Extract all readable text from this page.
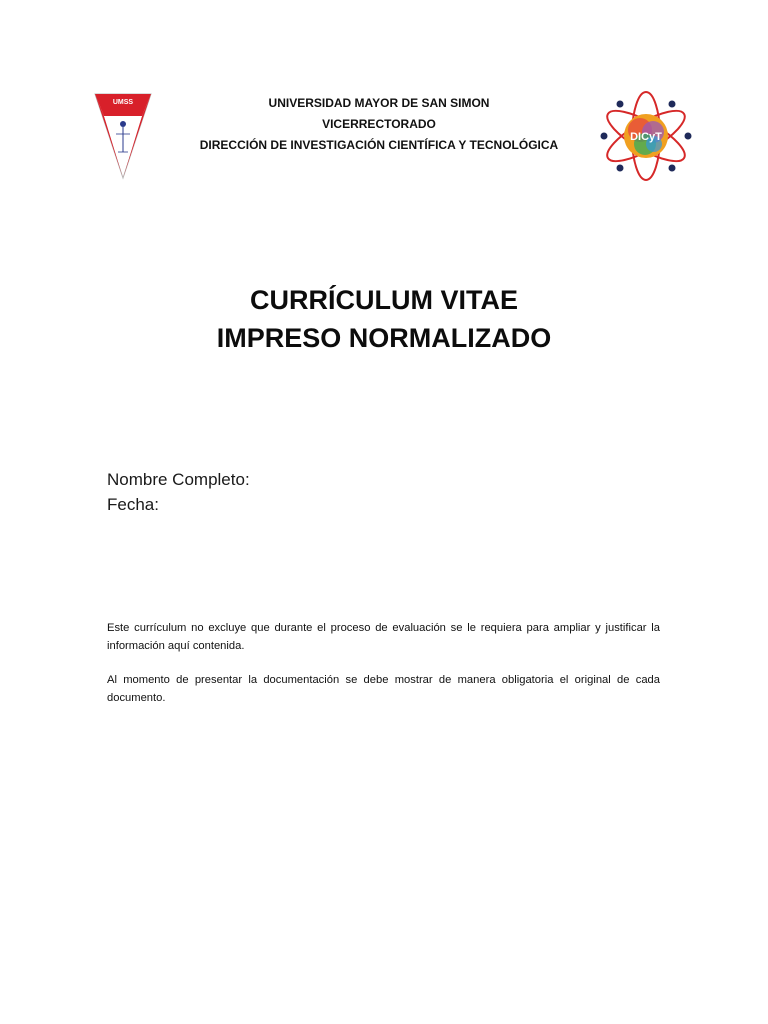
UMSS	UNIVERSIDAD MAYOR DE SAN SIMON
VICERRECTORADO
DIRECCIÓN DE INVESTIGACIÓN CIENTÍFICA Y TECNOLÓGICA
DICyT
CURRÍCULUM VITAE
IMPRESO NORMALIZADO
Nombre Completo:
Fecha:

Este currículum no excluye que durante el proceso de evaluación se le requiera para ampliar y justificar la información aquí contenida.

Al momento de presentar la documentación se debe mostrar de manera obligatoria el original de cada documento.
